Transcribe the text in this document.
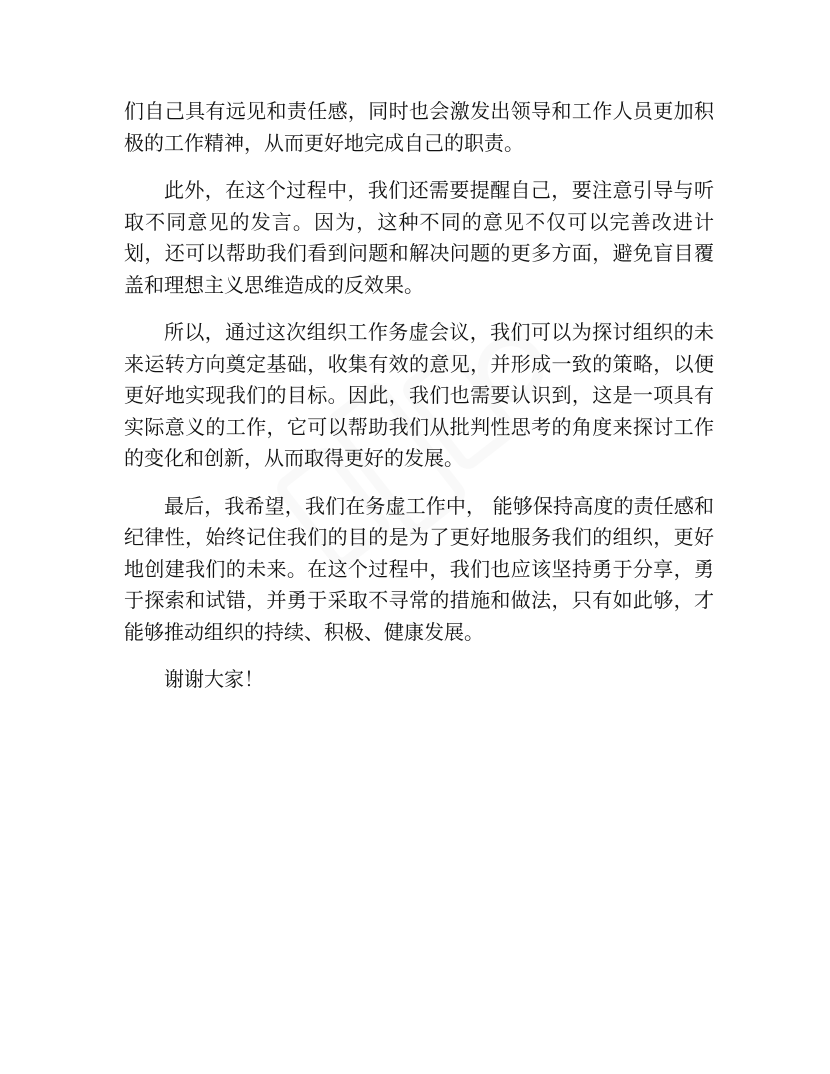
们自己具有远见和责任感，同时也会激发出领导和工作人员更加积极的工作精神，从而更好地完成自己的职责。

此外，在这个过程中，我们还需要提醒自己，要注意引导与听取不同意见的发言。因为，这种不同的意见不仅可以完善改进计划，还可以帮助我们看到问题和解决问题的更多方面，避免盲目覆盖和理想主义思维造成的反效果。

所以，通过这次组织工作务虚会议，我们可以为探讨组织的未来运转方向奠定基础，收集有效的意见，并形成一致的策略，以便更好地实现我们的目标。因此，我们也需要认识到，这是一项具有实际意义的工作，它可以帮助我们从批判性思考的角度来探讨工作的变化和创新，从而取得更好的发展。

最后，我希望，我们在务虚工作中， 能够保持高度的责任感和纪律性，始终记住我们的目的是为了更好地服务我们的组织，更好地创建我们的未来。在这个过程中，我们也应该坚持勇于分享，勇于探索和试错，并勇于采取不寻常的措施和做法，只有如此够，才能够推动组织的持续、积极、健康发展。

谢谢大家！
